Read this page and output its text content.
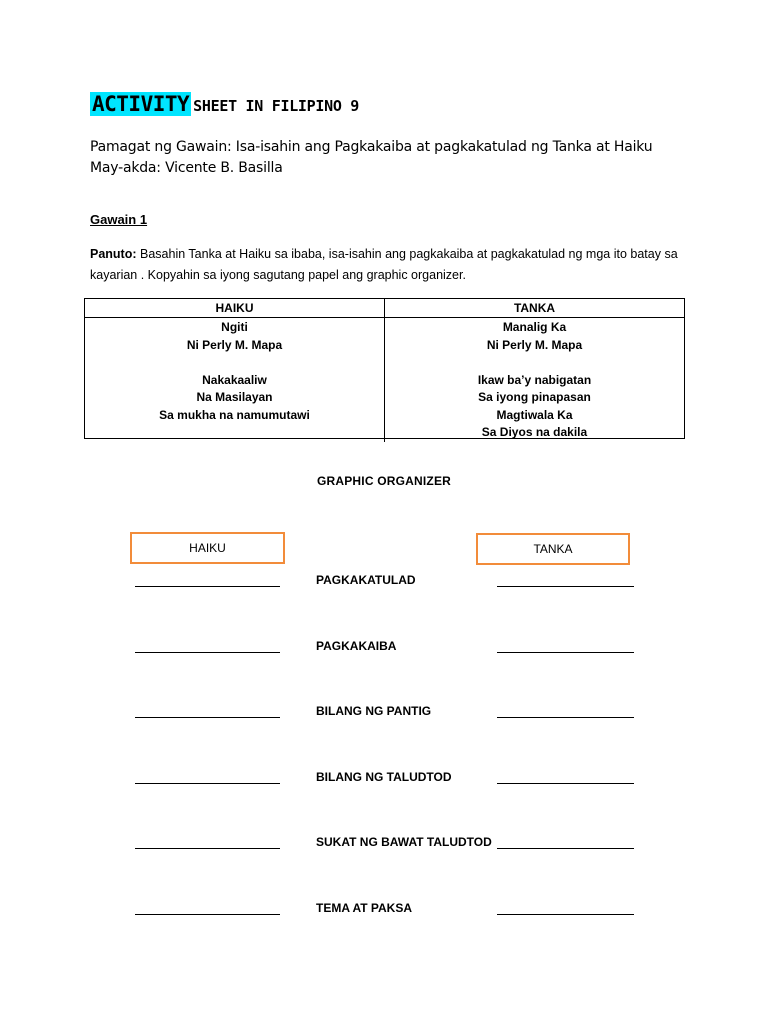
ACTIVITY SHEET IN FILIPINO 9
Pamagat ng Gawain: Isa-isahin ang Pagkakaiba at pagkakatulad ng Tanka at Haiku
May-akda: Vicente B. Basilla
Gawain 1
Panuto: Basahin Tanka at Haiku sa ibaba, isa-isahin ang pagkakaiba at pagkakatulad ng mga ito batay sa kayarian . Kopyahin sa iyong sagutang papel ang graphic organizer.
HAIKU	TANKA
Ngiti
Ni Perly M. Mapa
Nakakaaliw
Na Masilayan
Sa mukha na namumutawi
Manalig Ka
Ni Perly M. Mapa
Ikaw ba’y nabigatan
Sa iyong pinapasan
Magtiwala Ka
Sa Diyos na dakila
GRAPHIC ORGANIZER
HAIKU	TANKA
PAGKAKATULAD
PAGKAKAIBA
BILANG NG PANTIG
BILANG NG TALUDTOD
SUKAT NG BAWAT TALUDTOD
TEMA AT PAKSA
